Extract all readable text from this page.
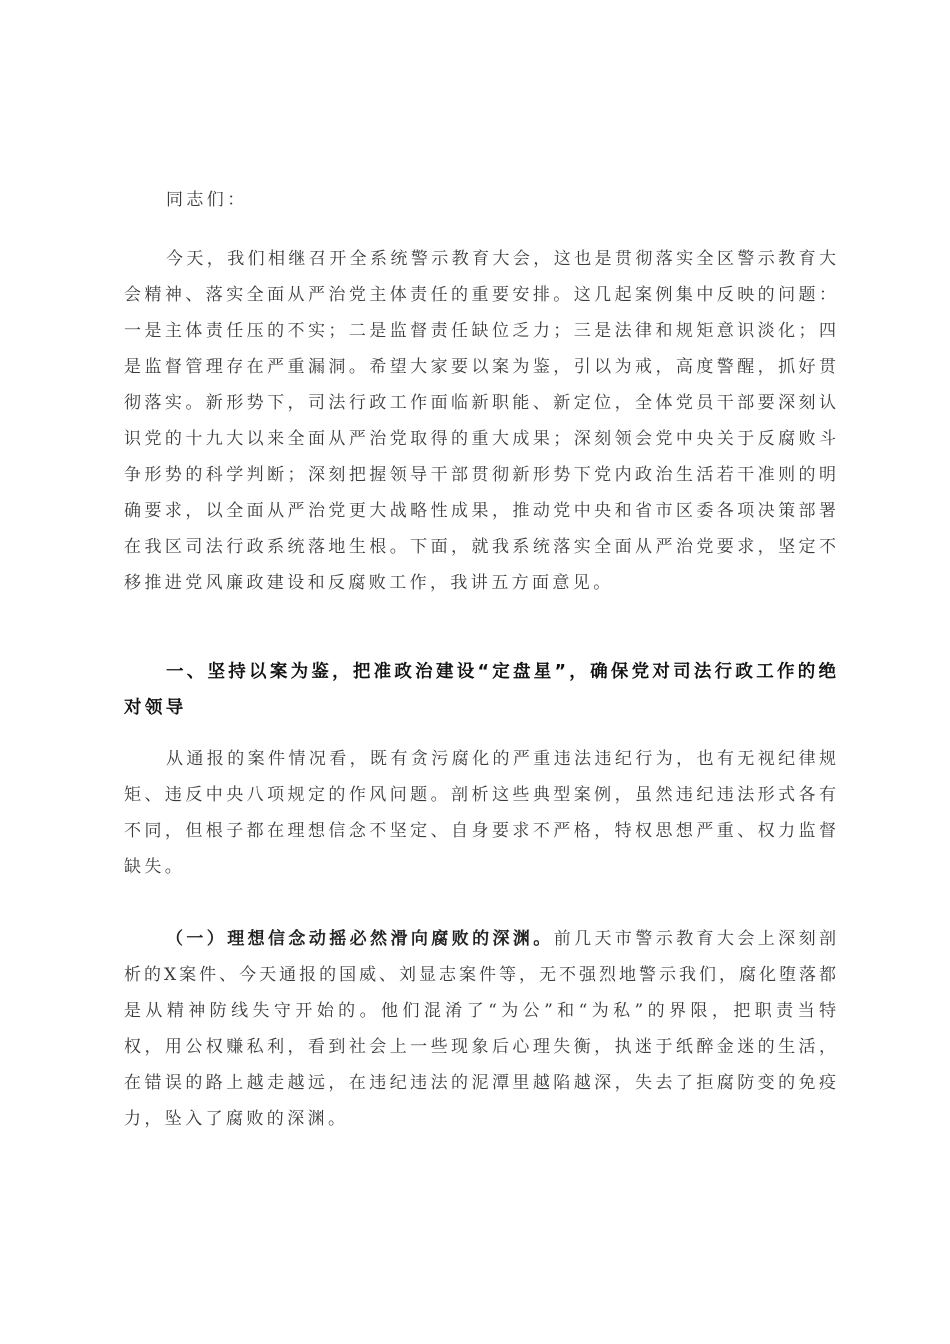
同志们：
今天，我们相继召开全系统警示教育大会，这也是贯彻落实全区警示教育大
会精神、落实全面从严治党主体责任的重要安排。这几起案例集中反映的问题：
一是主体责任压的不实；二是监督责任缺位乏力；三是法律和规矩意识淡化；四
是监督管理存在严重漏洞。希望大家要以案为鉴，引以为戒，高度警醒，抓好贯
彻落实。新形势下，司法行政工作面临新职能、新定位，全体党员干部要深刻认
识党的十九大以来全面从严治党取得的重大成果；深刻领会党中央关于反腐败斗
争形势的科学判断；深刻把握领导干部贯彻新形势下党内政治生活若干准则的明
确要求，以全面从严治党更大战略性成果，推动党中央和省市区委各项决策部署
在我区司法行政系统落地生根。下面，就我系统落实全面从严治党要求，坚定不
移推进党风廉政建设和反腐败工作，我讲五方面意见。
一、坚持以案为鉴，把准政治建设“定盘星”，确保党对司法行政工作的绝
对领导
从通报的案件情况看，既有贪污腐化的严重违法违纪行为，也有无视纪律规
矩、违反中央八项规定的作风问题。剖析这些典型案例，虽然违纪违法形式各有
不同，但根子都在理想信念不坚定、自身要求不严格，特权思想严重、权力监督
缺失。
（一）理想信念动摇必然滑向腐败的深渊。前几天市警示教育大会上深刻剖
析的X案件、今天通报的国威、刘显志案件等，无不强烈地警示我们，腐化堕落都
是从精神防线失守开始的。他们混淆了“为公”和“为私”的界限，把职责当特
权，用公权赚私利，看到社会上一些现象后心理失衡，执迷于纸醉金迷的生活，
在错误的路上越走越远，在违纪违法的泥潭里越陷越深，失去了拒腐防变的免疫
力，坠入了腐败的深渊。
